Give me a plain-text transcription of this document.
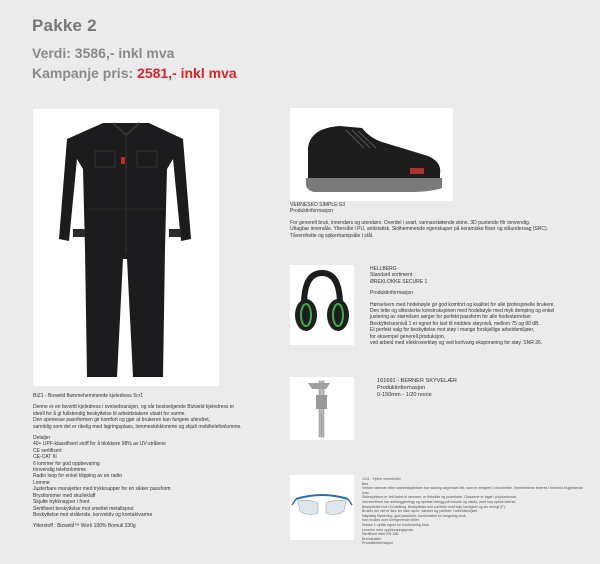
Pakke 2
Verdi: 3586,- inkl mva
Kampanje pris: 2581,- inkl mva

BIZ1 - Bizweld flammehemmende kjeledress 5cr1

Denne er en favoritt kjeledress i sveisebransjen, og vår bestselgende Bizweld kjeledress er

ideell for å gi fullstendig beskyttelse til arbeidstakere utsatt for varme.

Den spenesse pasnformen gir komfort og gjør at brukeren kan fungere uhindret,

samtidig som det er rikelig med lagringsplass, lommestokklomme og skjult mobiltelefonlomme.

Detaljer

40+ UPF-klassifisert stoff for å blokkere 98% av UV-strålene

CE sertifisert

CE-CAT III

6 lommer for god oppbevaring

Innvendig telefonlomme

Radio loop for enkel klipping av en radio

Lomme

Justerbare mansjetter med trykknapper for en sikker passform

Brystlommer med skulleklaff

Skjulte trykknapper i front

Sertifisert beskyttelse mot smeltet metallsprut

Beskyttelse mot strålende, konvektiv og kontaktvarme

Ytterstoff : Bizweld™ Work 100% Bomull 330g

VERNESKO SIMPLE S3

Produktinformasjon

For generelt bruk, innendørs og utendørs. Overdel i svart, vannavstøtende skinn. 3D pustende fôr innvendig.

Uttagbar innersåle. Yttersåle i PU, antistatisk. Sklihemmende egenskaper på keramiske fliser og ståundersag (SRC).

Tåvernhette og spikertrampsåle i stål.

HELLBERG

Standard sortiment

ØREKLOKKE SECURE 1

Produktinformasjon

Hørselvern med hodebøyle gir god komfort og kvalitet for alle profesjonelle brukere.

Den lette og slitesterke konstruksjonen med hodebøyle med myk demping og enkel

justering av størrelsen sørger for perfekt passform for alle hodestørrelser.

Beskyttelsesnivå 1 er egnet for lavt til middels støynivå, mellom 75 og 90 dB.

Et perfekt valg for beskyttelse mot støy i mange forskjellige arbeidsmiljøer,

for eksempel generell produksjon,

ved arbeid med elektroverktøy og ved kortvarig eksponering for støy. SNR 26.

161691 - BERNER SKYVELÆR

Produktinformasjon

0-150mm - 1/20 nonie

1211 - Hjelm vernebriller

Bes

Verken rammen eller sidebeskyttelsen har naturlig avgrenset felt, som er integrert i vernebriller. Vernebrillene leveres i henhold til gjeldende krav.

Sidestykkene er tett festet til rammen, er fleksible og justerbare. Glassene er laget i polykarbonat.

Vernebrillene har antiduggbelegg og ripefast belegg på innside og utside, med høy optisk klarhet.

Beskyttelse mot UV-stråling. Beskyttelse mot partikler med høy hastighet og lav energi (F).

Brukes der det er fare for støv, spon, væsker og partikler i arbeidsmiljøet.

Nøyaktig tilpasning, god passform, komfortabel for langvarig bruk.

Kan brukes over korrigerende briller.

Klasse 1 optikk egnet for kontinuerlig bruk.

Leveres med oppbevaringspose.

Sertifisert etter EN 166.

Bremshalter

Produktinformasjon
